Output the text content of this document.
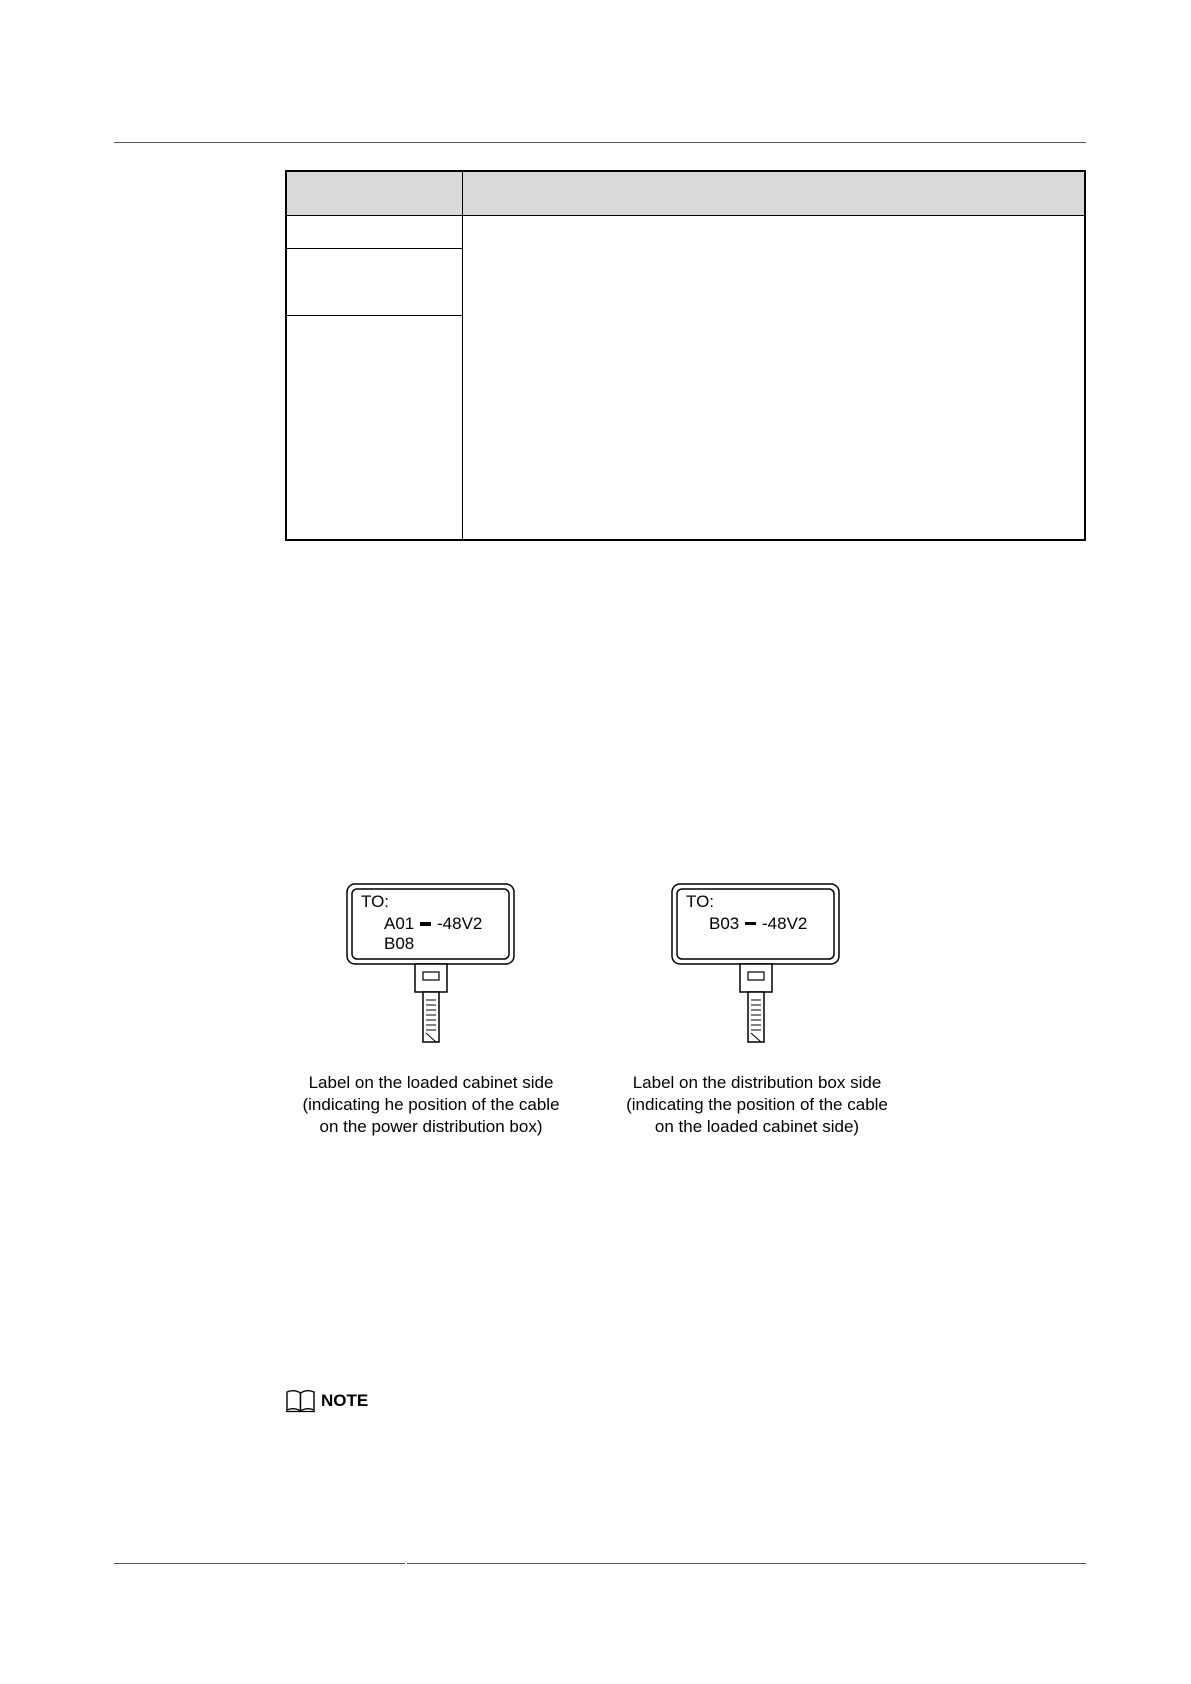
TO:
A01 -48V2
B08
Label on the loaded cabinet side
(indicating he position of the cable
on the power distribution box)
TO:
B03 -48V2
Label on the distribution box side
(indicating the position of the cable
on the loaded cabinet side)
NOTE
